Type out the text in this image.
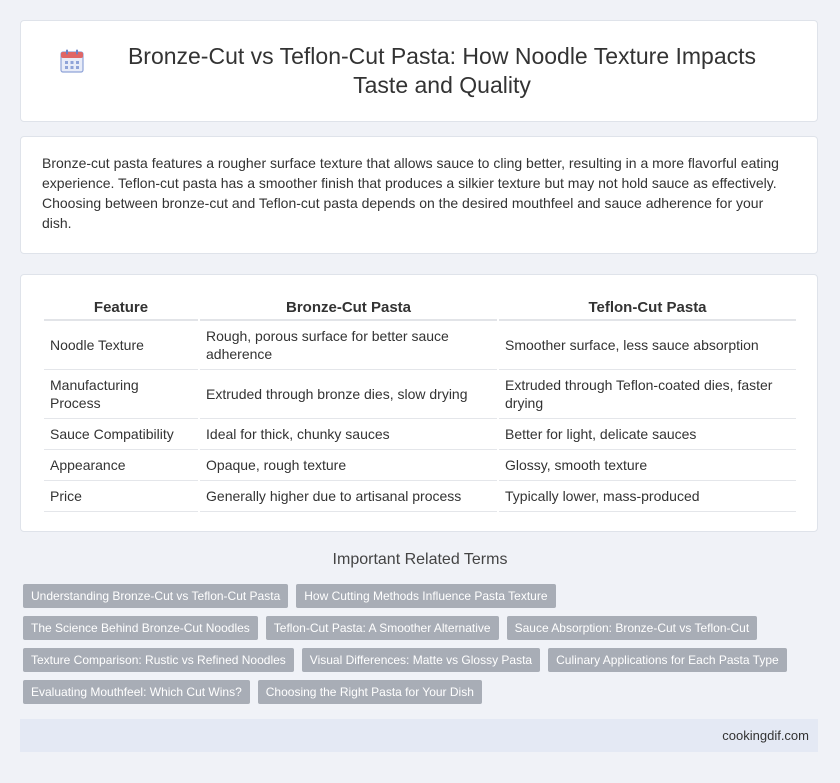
Bronze-Cut vs Teflon-Cut Pasta: How Noodle Texture Impacts Taste and Quality

Bronze-cut pasta features a rougher surface texture that allows sauce to cling better, resulting in a more flavorful eating experience. Teflon-cut pasta has a smoother finish that produces a silkier texture but may not hold sauce as effectively. Choosing between bronze-cut and Teflon-cut pasta depends on the desired mouthfeel and sauce adherence for your dish.

Feature	Bronze-Cut Pasta	Teflon-Cut Pasta
Noodle Texture	Rough, porous surface for better sauce adherence	Smoother surface, less sauce absorption
Manufacturing Process	Extruded through bronze dies, slow drying	Extruded through Teflon-coated dies, faster drying
Sauce Compatibility	Ideal for thick, chunky sauces	Better for light, delicate sauces
Appearance	Opaque, rough texture	Glossy, smooth texture
Price	Generally higher due to artisanal process	Typically lower, mass-produced
Important Related Terms
Understanding Bronze-Cut vs Teflon-Cut Pasta	How Cutting Methods Influence Pasta Texture
The Science Behind Bronze-Cut Noodles	Teflon-Cut Pasta: A Smoother Alternative	Sauce Absorption: Bronze-Cut vs Teflon-Cut
Texture Comparison: Rustic vs Refined Noodles	Visual Differences: Matte vs Glossy Pasta	Culinary Applications for Each Pasta Type
Evaluating Mouthfeel: Which Cut Wins?	Choosing the Right Pasta for Your Dish
cookingdif.com
